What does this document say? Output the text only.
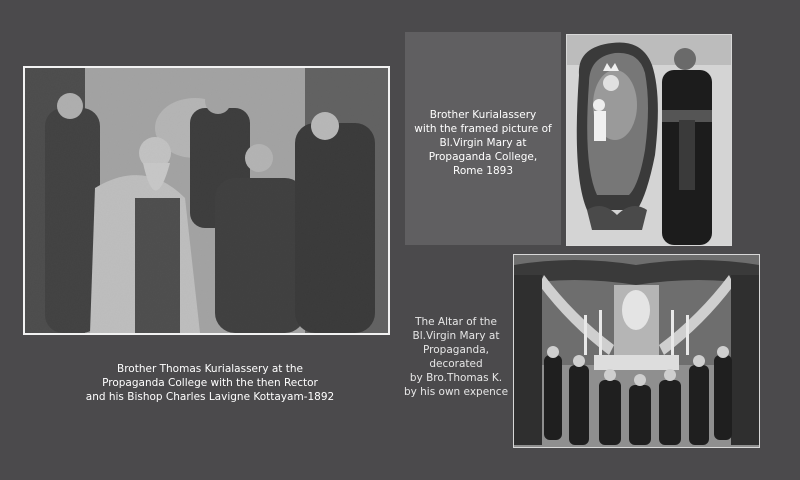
Brother Kurialassery
with the framed picture of
Bl.Virgin Mary at
Propaganda College,
Rome 1893
Brother Thomas Kurialassery at the
Propaganda College with the then Rector
and his Bishop Charles Lavigne Kottayam-1892
The Altar of the
Bl.Virgin Mary at
Propaganda,
decorated
by Bro.Thomas K.
by his own expence
